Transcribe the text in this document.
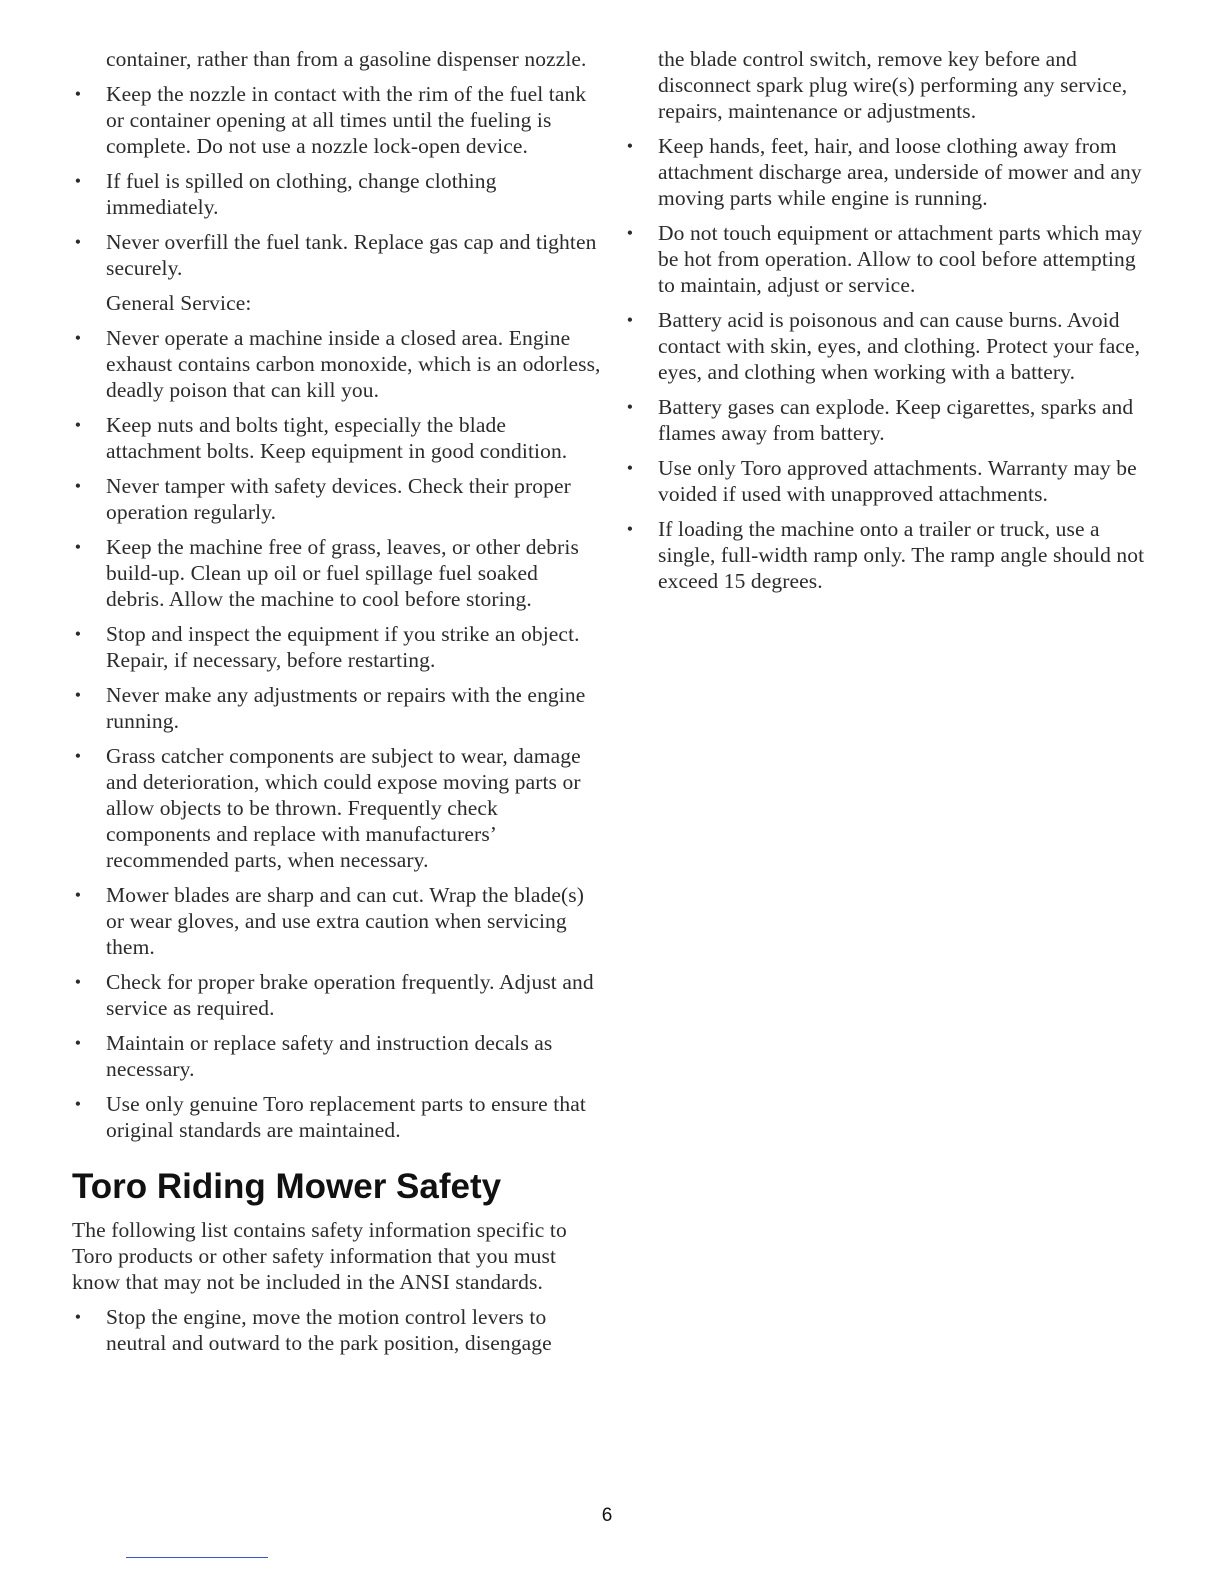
container, rather than from a gasoline dispenser nozzle.

• Keep the nozzle in contact with the rim of the fuel tank or container opening at all times until the fueling is complete. Do not use a nozzle lock-open device.
• If fuel is spilled on clothing, change clothing immediately.
• Never overfill the fuel tank. Replace gas cap and tighten securely.

General Service:

• Never operate a machine inside a closed area. Engine exhaust contains carbon monoxide, which is an odorless, deadly poison that can kill you.
• Keep nuts and bolts tight, especially the blade attachment bolts. Keep equipment in good condition.
• Never tamper with safety devices. Check their proper operation regularly.
• Keep the machine free of grass, leaves, or other debris build-up. Clean up oil or fuel spillage fuel soaked debris. Allow the machine to cool before storing.
• Stop and inspect the equipment if you strike an object. Repair, if necessary, before restarting.
• Never make any adjustments or repairs with the engine running.
• Grass catcher components are subject to wear, damage and deterioration, which could expose moving parts or allow objects to be thrown. Frequently check components and replace with manufacturers’ recommended parts, when necessary.
• Mower blades are sharp and can cut. Wrap the blade(s) or wear gloves, and use extra caution when servicing them.
• Check for proper brake operation frequently. Adjust and service as required.
• Maintain or replace safety and instruction decals as necessary.
• Use only genuine Toro replacement parts to ensure that original standards are maintained.
Toro Riding Mower Safety

The following list contains safety information specific to Toro products or other safety information that you must know that may not be included in the ANSI standards.

• Stop the engine, move the motion control levers to neutral and outward to the park position, disengage

the blade control switch, remove key before and disconnect spark plug wire(s) performing any service, repairs, maintenance or adjustments.

• Keep hands, feet, hair, and loose clothing away from attachment discharge area, underside of mower and any moving parts while engine is running.
• Do not touch equipment or attachment parts which may be hot from operation. Allow to cool before attempting to maintain, adjust or service.
• Battery acid is poisonous and can cause burns. Avoid contact with skin, eyes, and clothing. Protect your face, eyes, and clothing when working with a battery.
• Battery gases can explode. Keep cigarettes, sparks and flames away from battery.
• Use only Toro approved attachments. Warranty may be voided if used with unapproved attachments.
• If loading the machine onto a trailer or truck, use a single, full-width ramp only. The ramp angle should not exceed 15 degrees.
6
